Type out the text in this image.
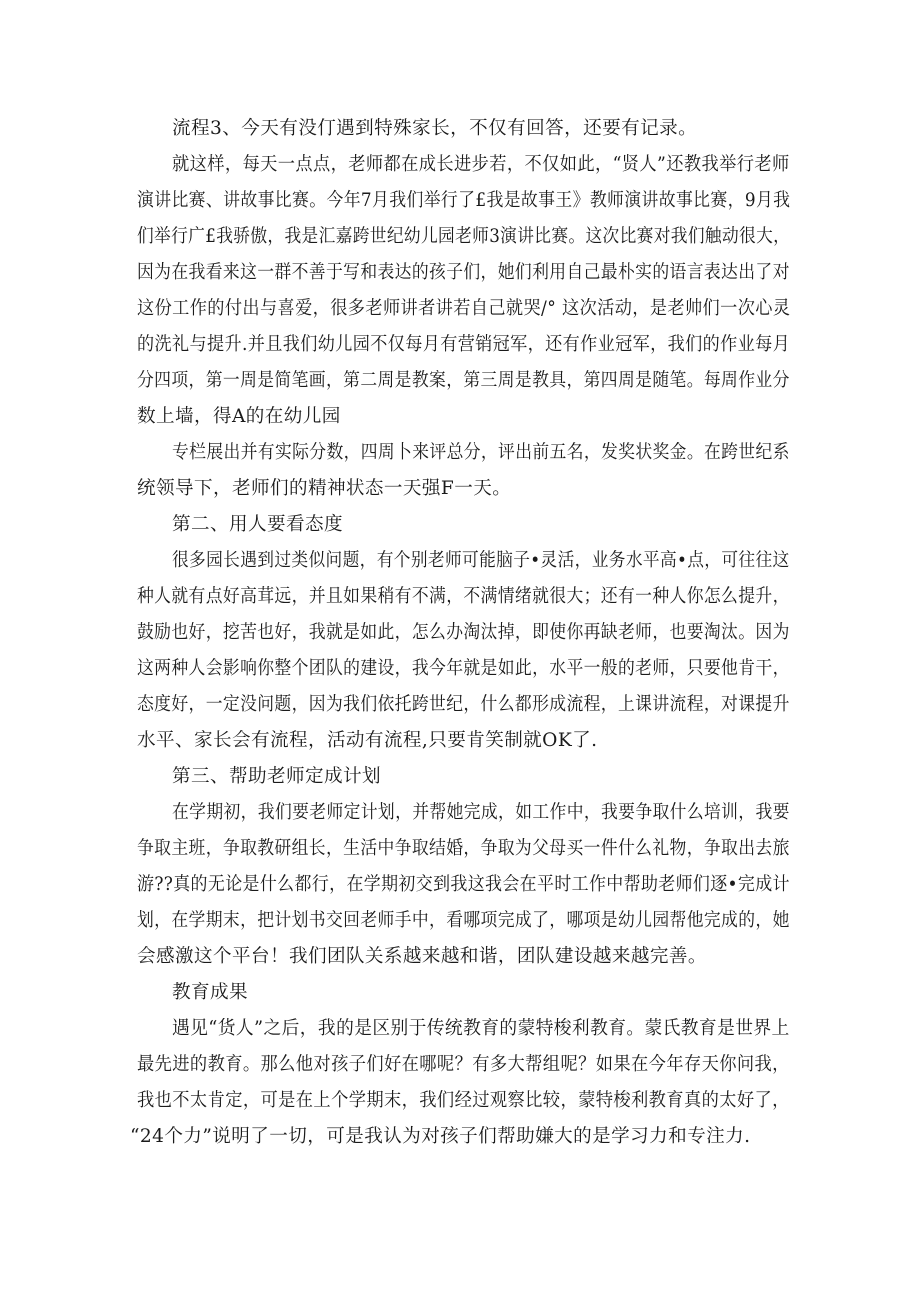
流程3、今天有没仃遇到特殊家长，不仅有回答，还要有记录。
就这样，每天一点点，老师都在成长进步若，不仅如此，“贤人”还教我举行老师
演讲比赛、讲故事比赛。今年7月我们举行了£我是故事王》教师演讲故事比赛，9月我
们举行广£我骄傲，我是汇嘉跨世纪幼儿园老师3演讲比赛。这次比赛对我们触动很大，
因为在我看来这一群不善于写和表达的孩子们，她们利用自己最朴实的语言表达出了对
这份工作的付出与喜爱，很多老师讲者讲若自己就哭/° 这次活动，是老帅们一次心灵
的洗礼与提升.并且我们幼儿园不仅每月有营销冠军，还有作业冠军，我们的作业每月
分四项，第一周是简笔画，第二周是教案，第三周是教具，第四周是随笔。每周作业分
数上墙，得A的在幼儿园
专栏展出并有实际分数，四周卜来评总分，评出前五名，发奖状奖金。在跨世纪系
统领导下，老师们的精神状态一天强F一天。
第二、用人要看态度
很多园长遇到过类似问题，有个别老师可能脑子•灵活，业务水平高•点，可往往这
种人就有点好高茸远，并且如果稍有不满，不满情绪就很大；还有一种人你怎么提升，
鼓励也好，挖苦也好，我就是如此，怎么办淘汰掉，即使你再缺老师，也要淘汰。因为
这两种人会影响你整个团队的建设，我今年就是如此，水平一般的老师，只要他肯干，
态度好，一定没问题，因为我们依托跨世纪，什么都形成流程，上课讲流程，对课提升
水平、家长会有流程，活动有流程,只要肯笑制就OK了.
第三、帮助老师定成计划
在学期初，我们要老师定计划，并帮她完成，如工作中，我要争取什么培训，我要
争取主班，争取教研组长，生活中争取结婚，争取为父母买一件什么礼物，争取出去旅
游??真的无论是什么都行，在学期初交到我这我会在平时工作中帮助老师们逐•完成计
划，在学期末，把计划书交回老师手中，看哪项完成了，哪项是幼儿园帮他完成的，她
会感激这个平台！我们团队关系越来越和谐，团队建设越来越完善。
教育成果
遇见“货人”之后，我的是区别于传统教育的蒙特梭利教育。蒙氏教育是世界上
最先进的教育。那么他对孩子们好在哪呢？有多大帮组呢？如果在今年存天你问我，
我也不太肯定，可是在上个学期末，我们经过观察比较，蒙特梭利教育真的太好了，
“24个力”说明了一切，可是我认为对孩子们帮助嫌大的是学习力和专注力.
